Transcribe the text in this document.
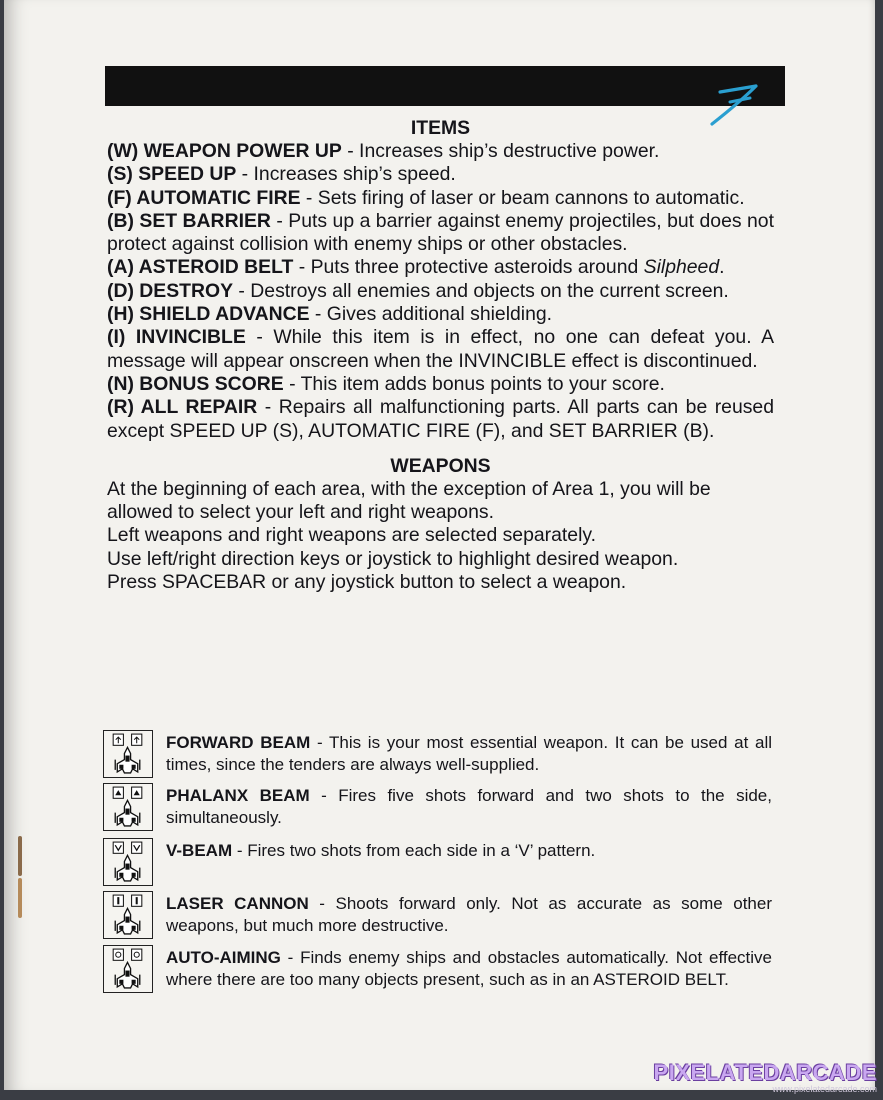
ITEMS

(W) WEAPON POWER UP - Increases ship’s destructive power.

(S) SPEED UP - Increases ship’s speed.

(F) AUTOMATIC FIRE - Sets firing of laser or beam cannons to automatic.

(B) SET BARRIER - Puts up a barrier against enemy projectiles, but does not protect against collision with enemy ships or other obstacles.

(A) ASTEROID BELT - Puts three protective asteroids around Silpheed.

(D) DESTROY - Destroys all enemies and objects on the current screen.

(H) SHIELD ADVANCE - Gives additional shielding.

(I) INVINCIBLE - While this item is in effect, no one can defeat you. A message will appear onscreen when the INVINCIBLE effect is discontinued.

(N) BONUS SCORE - This item adds bonus points to your score.

(R) ALL REPAIR - Repairs all malfunctioning parts. All parts can be reused except SPEED UP (S), AUTOMATIC FIRE (F), and SET BARRIER (B).

WEAPONS

At the beginning of each area, with the exception of Area 1, you will be allowed to select your left and right weapons.

Left weapons and right weapons are selected separately.

Use left/right direction keys or joystick to highlight desired weapon.

Press SPACEBAR or any joystick button to select a weapon.

FORWARD BEAM - This is your most essential weapon. It can be used at all times, since the tenders are always well-supplied.
PHALANX BEAM - Fires five shots forward and two shots to the side, simultaneously.
V-BEAM - Fires two shots from each side in a ‘V’ pattern.
LASER CANNON - Shoots forward only. Not as accurate as some other weapons, but much more destructive.
AUTO-AIMING - Finds enemy ships and obstacles automatically. Not effective where there are too many objects present, such as in an ASTEROID BELT.
PIXELATEDARCADE
www.pixelatedarcade.com
